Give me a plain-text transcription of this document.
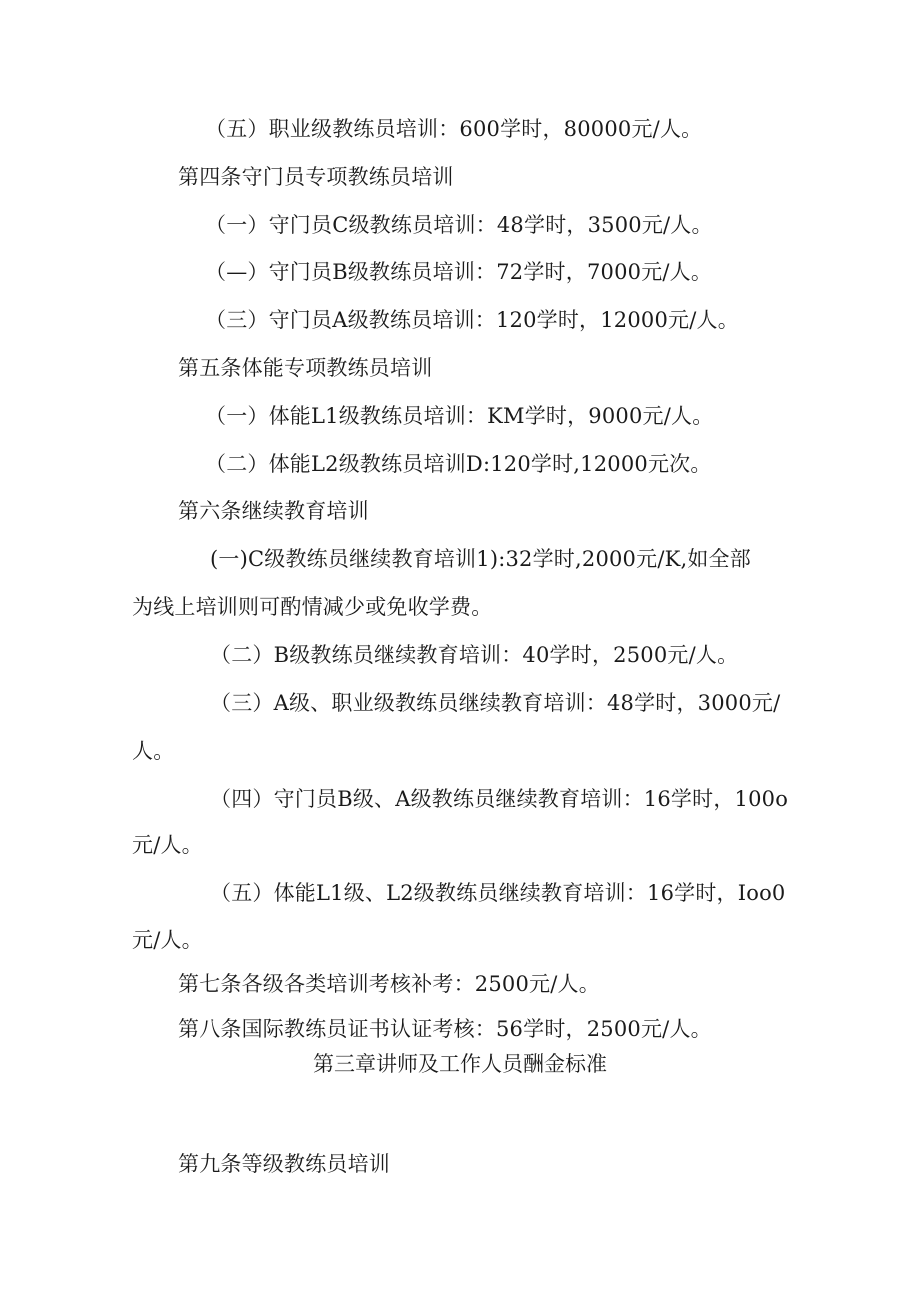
（五）职业级教练员培训：600学时，80000元/人。
第四条守门员专项教练员培训
（一）守门员C级教练员培训：48学时，3500元/人。
（—）守门员B级教练员培训：72学时，7000元/人。
（三）守门员A级教练员培训：120学时，12000元/人。
第五条体能专项教练员培训
（一）体能L1级教练员培训：KM学时，9000元/人。
（二）体能L2级教练员培训D:120学时,12000元次。
第六条继续教育培训
(一)C级教练员继续教育培训1):32学时,2000元/K,如全部
为线上培训则可酌情减少或免收学费。
（二）B级教练员继续教育培训：40学时，2500元/人。
（三）A级、职业级教练员继续教育培训：48学时，3000元/
人。
（四）守门员B级、A级教练员继续教育培训：16学时，100o
元/人。
（五）体能L1级、L2级教练员继续教育培训：16学时，Ioo0
元/人。
第七条各级各类培训考核补考：2500元/人。
第八条国际教练员证书认证考核：56学时，2500元/人。
第三章讲师及工作人员酬金标准
第九条等级教练员培训
